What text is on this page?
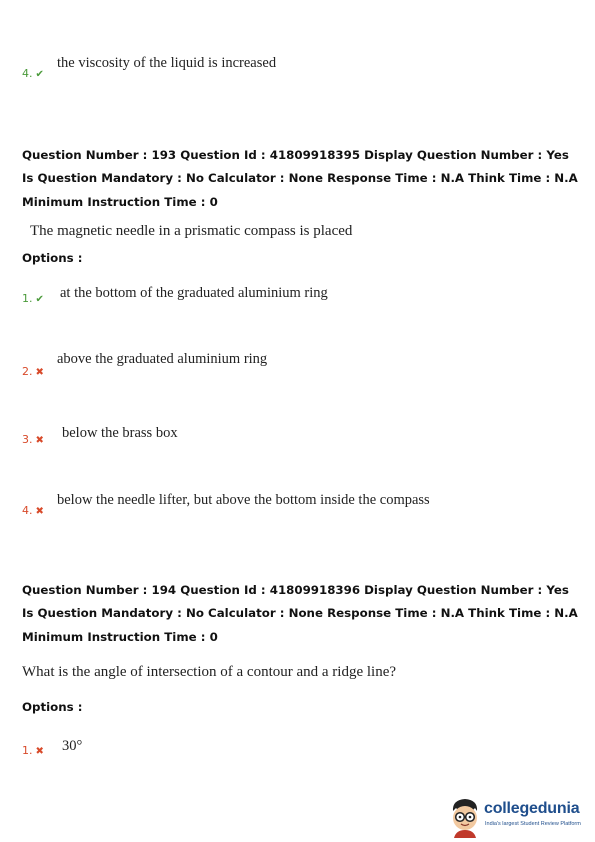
4. ✔
the viscosity of the liquid is increased
Question Number : 193 Question Id : 41809918395 Display Question Number : Yes Is Question Mandatory : No Calculator : None Response Time : N.A Think Time : N.A Minimum Instruction Time : 0
The magnetic needle in a prismatic compass is placed
Options :
1. ✔ at the bottom of the graduated aluminium ring
2. ✖
above the graduated aluminium ring
3. ✖ below the brass box
4. ✖
below the needle lifter, but above the bottom inside the compass
Question Number : 194 Question Id : 41809918396 Display Question Number : Yes Is Question Mandatory : No Calculator : None Response Time : N.A Think Time : N.A Minimum Instruction Time : 0
What is the angle of intersection of a contour and a ridge line?
Options :
1. ✖ 30°
collegedunia
India's largest Student Review Platform
